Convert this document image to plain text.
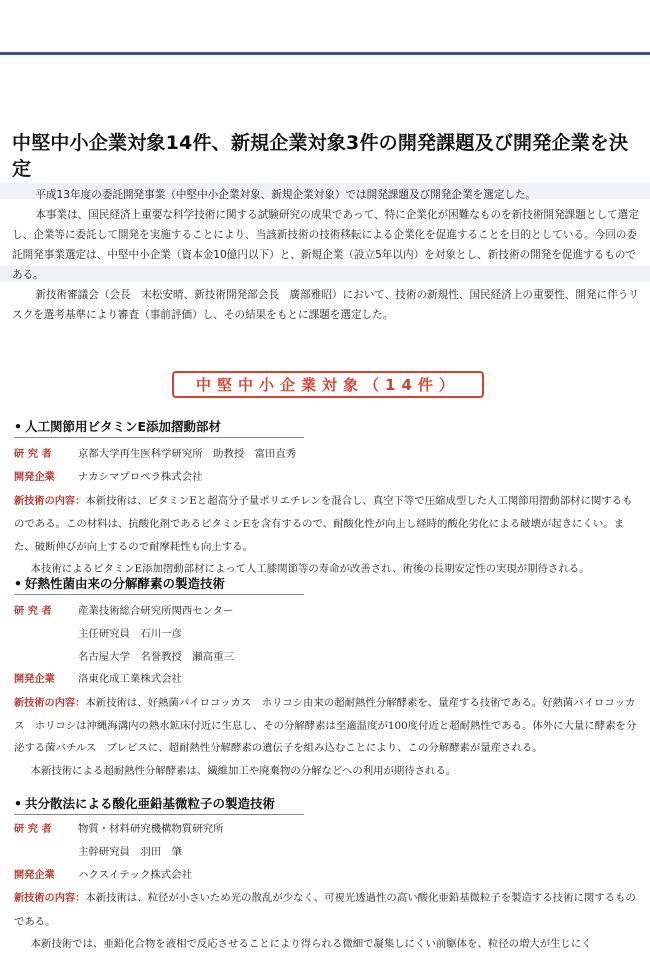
中堅中小企業対象14件、新規企業対象3件の開発課題及び開発企業を決定

平成13年度の委託開発事業（中堅中小企業対象、新規企業対象）では開発課題及び開発企業を選定した。

本事業は、国民経済上重要な科学技術に関する試験研究の成果であって、特に企業化が困難なものを新技術開発課題として選定し、企業等に委託して開発を実施することにより、当該新技術の技術移転による企業化を促進することを目的としている。今回の委託開発事業選定は、中堅中小企業（資本金10億円以下）と、新規企業（設立5年以内）を対象とし、新技術の開発を促進するものである。

新技術審議会（会長　末松安晴、新技術開発部会長　廣部雅昭）において、技術の新規性、国民経済上の重要性、開発に伴うリスクを選考基準により審査（事前評価）し、その結果をもとに課題を選定した。

中堅中小企業対象（14件）
• 人工関節用ビタミンE添加摺動部材
研 究 者	京都大学再生医科学研究所　助教授　富田直秀
開発企業 ナカシマプロペラ株式会社

新技術の内容：本新技術は、ビタミンEと超高分子量ポリエチレンを混合し、真空下等で圧縮成型した人工関節用摺動部材に関するものである。この材料は、抗酸化剤であるビタミンEを含有するので、耐酸化性が向上し経時的酸化劣化による破壊が起きにくい。また、破断伸びが向上するので耐摩耗性も向上する。

本技術によるビタミンE添加摺動部材によって人工膝関節等の寿命が改善され、術後の長期安定性の実現が期待される。

• 好熱性菌由来の分解酵素の製造技術
研 究 者	産業技術総合研究所関西センター
主任研究員　石川一彦
名古屋大学　名誉教授　瀬高重三
開発企業 洛東化成工業株式会社

新技術の内容：本新技術は、好熱菌パイロコッカス　ホリコシ由来の超耐熱性分解酵素を、量産する技術である。好熱菌パイロコッカス　ホリコシは沖縄海溝内の熱水鉱床付近に生息し、その分解酵素は至適温度が100度付近と超耐熱性である。体外に大量に酵素を分泌する菌バチルス　ブレビスに、超耐熱性分解酵素の遺伝子を組み込むことにより、この分解酵素が量産される。

本新技術による超耐熱性分解酵素は、繊維加工や廃棄物の分解などへの利用が期待される。

• 共分散法による酸化亜鉛基微粒子の製造技術
研 究 者	物質・材料研究機構物質研究所
主幹研究員　羽田　肇
開発企業 ハクスイテック株式会社

新技術の内容：本新技術は、粒径が小さいため光の散乱が少なく、可視光透過性の高い酸化亜鉛基微粒子を製造する技術に関するものである。

本新技術では、亜鉛化合物を液相で反応させることにより得られる微細で凝集しにくい前駆体を、粒径の増大が生じにく
